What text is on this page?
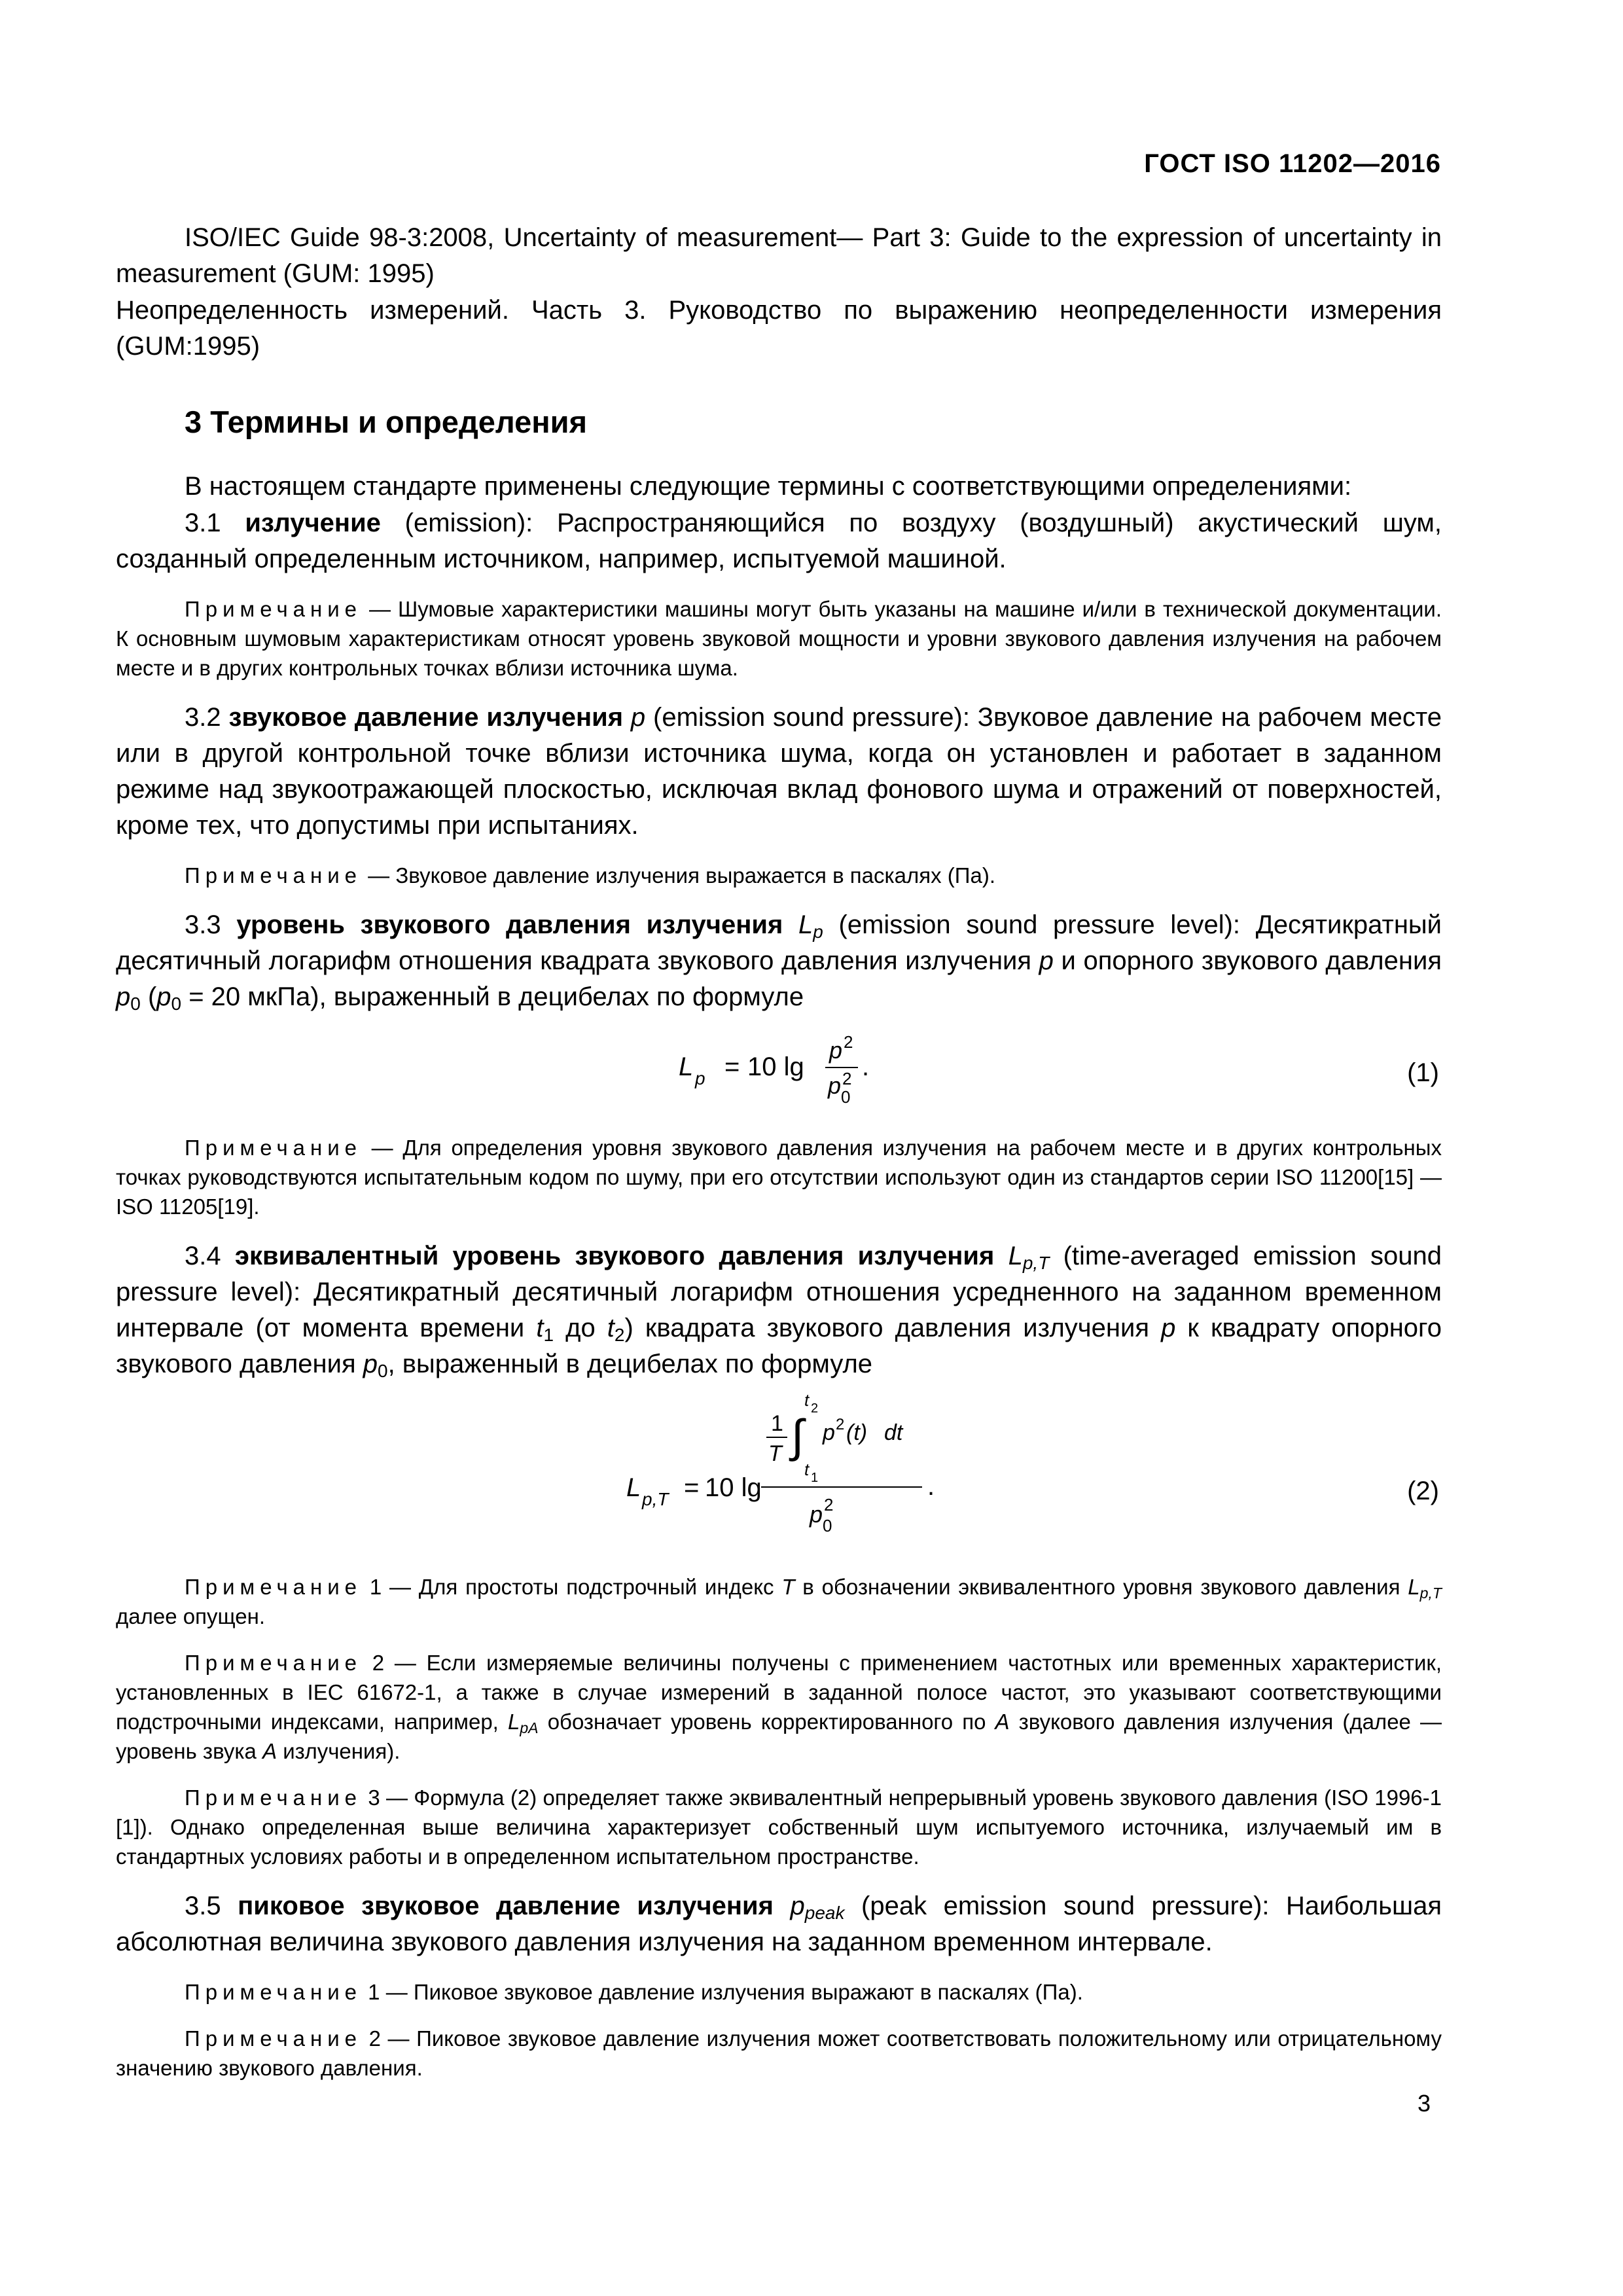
ГОСТ ISO 11202—2016

ISO/IEC Guide 98-3:2008, Uncertainty of measurement— Part 3: Guide to the expression of uncertainty in measurement (GUM: 1995)

Неопределенность измерений. Часть 3. Руководство по выражению неопределенности измерения (GUM:1995)

3 Термины и определения

В настоящем стандарте применены следующие термины с соответствующими определениями:

3.1 излучение (emission): Распространяющийся по воздуху (воздушный) акустический шум, созданный определенным источником, например, испытуемой машиной.

Примечание — Шумовые характеристики машины могут быть указаны на машине и/или в технической документации. К основным шумовым характеристикам относят уровень звуковой мощности и уровни звукового давления излучения на рабочем месте и в других контрольных точках вблизи источника шума.

3.2 звуковое давление излучения p (emission sound pressure): Звуковое давление на рабочем месте или в другой контрольной точке вблизи источника шума, когда он установлен и работает в заданном режиме над звукоотражающей плоскостью, исключая вклад фонового шума и отражений от поверхностей, кроме тех, что допустимы при испытаниях.

Примечание — Звуковое давление излучения выражается в паскалях (Па).

3.3 уровень звукового давления излучения $L_p$ (emission sound pressure level): Десятикратный десятичный логарифм отношения квадрата звукового давления излучения p и опорного звукового давления $p_0$ ($p_0 = 20$ мкПа), выраженный в децибелах по формуле

L p = 10 lg
p 2
p 0
2 .	(1)

Примечание — Для определения уровня звукового давления излучения на рабочем месте и в других контрольных точках руководствуются испытательным кодом по шуму, при его отсутствии используют один из стандартов серии ISO 11200[15] — ISO 11205[19].

3.4 эквивалентный уровень звукового давления излучения $L_{p,T}$ (time-averaged emission sound pressure level): Десятикратный десятичный логарифм отношения усредненного на заданном временном интервале (от момента времени $t_1$ до $t_2$) квадрата звукового давления излучения p к квадрату опорного звукового давления $p_0$, выраженный в децибелах по формуле

L p,T = 10 lg
1
T
t 2
∫ p 2 (t) dt
t 1
p 0
2
.	(2)

Примечание 1 — Для простоты подстрочный индекс T в обозначении эквивалентного уровня звукового давления $L_{p,T}$ далее опущен.

Примечание 2 — Если измеряемые величины получены с применением частотных или временных характеристик, установленных в IEC 61672-1, а также в случае измерений в заданной полосе частот, это указывают соответствующими подстрочными индексами, например, $L_{pA}$ обозначает уровень корректированного по A звукового давления излучения (далее — уровень звука A излучения).

Примечание 3 — Формула (2) определяет также эквивалентный непрерывный уровень звукового давления (ISO 1996-1 [1]). Однако определенная выше величина характеризует собственный шум испытуемого источника, излучаемый им в стандартных условиях работы и в определенном испытательном пространстве.

3.5 пиковое звуковое давление излучения $p_{peak}$ (peak emission sound pressure): Наибольшая абсолютная величина звукового давления излучения на заданном временном интервале.

Примечание 1 — Пиковое звуковое давление излучения выражают в паскалях (Па).

Примечание 2 — Пиковое звуковое давление излучения может соответствовать положительному или отрицательному значению звукового давления.

3
